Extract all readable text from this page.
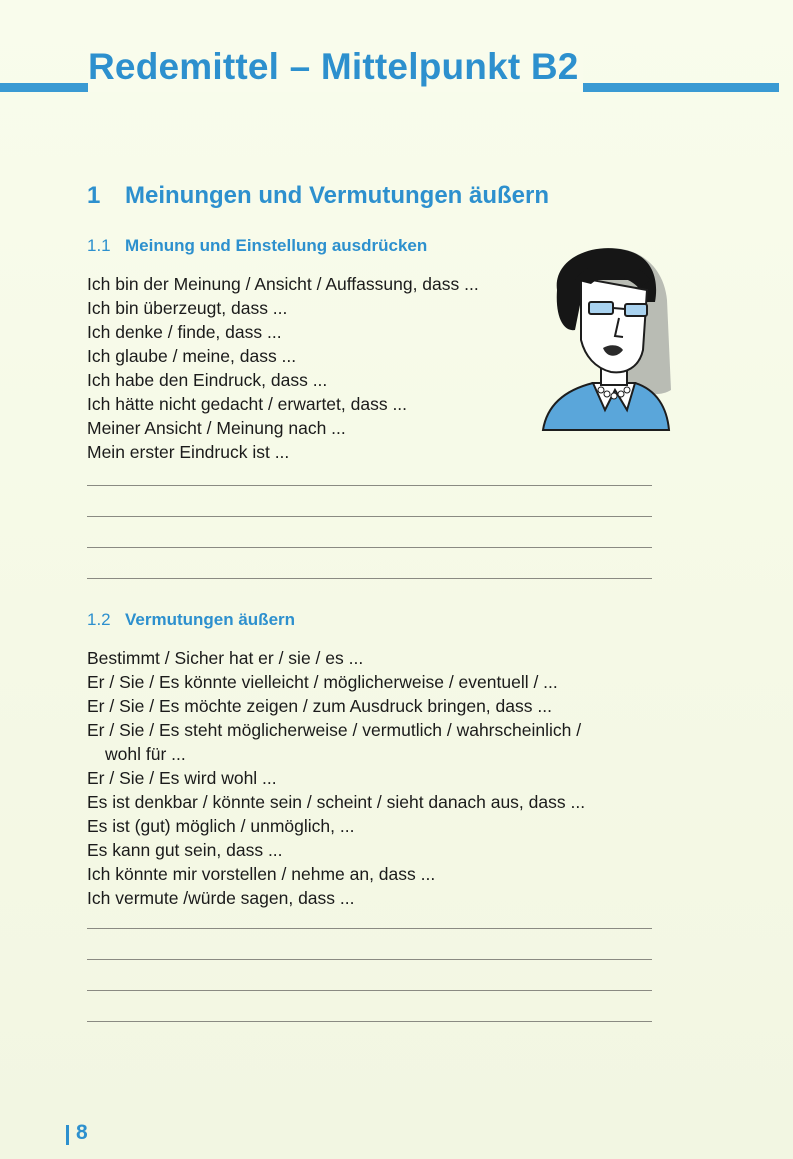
Redemittel – Mittelpunkt B2
1 Meinungen und Vermutungen äußern
1.1 Meinung und Einstellung ausdrücken
Ich bin der Meinung / Ansicht / Auffassung, dass ...
Ich bin überzeugt, dass ...
Ich denke / finde, dass ...
Ich glaube / meine, dass ...
Ich habe den Eindruck, dass ...
Ich hätte nicht gedacht / erwartet, dass ...
Meiner Ansicht / Meinung nach ...
Mein erster Eindruck ist ...
1.2 Vermutungen äußern
Bestimmt / Sicher hat er / sie / es ...
Er / Sie / Es könnte vielleicht / möglicherweise / eventuell / ...
Er / Sie / Es möchte zeigen / zum Ausdruck bringen, dass ...
Er / Sie / Es steht möglicherweise / vermutlich / wahrscheinlich /
wohl für ...
Er / Sie / Es wird wohl ...
Es ist denkbar / könnte sein / scheint / sieht danach aus, dass ...
Es ist (gut) möglich / unmöglich, ...
Es kann gut sein, dass ...
Ich könnte mir vorstellen / nehme an, dass ...
Ich vermute /würde sagen, dass ...
8
